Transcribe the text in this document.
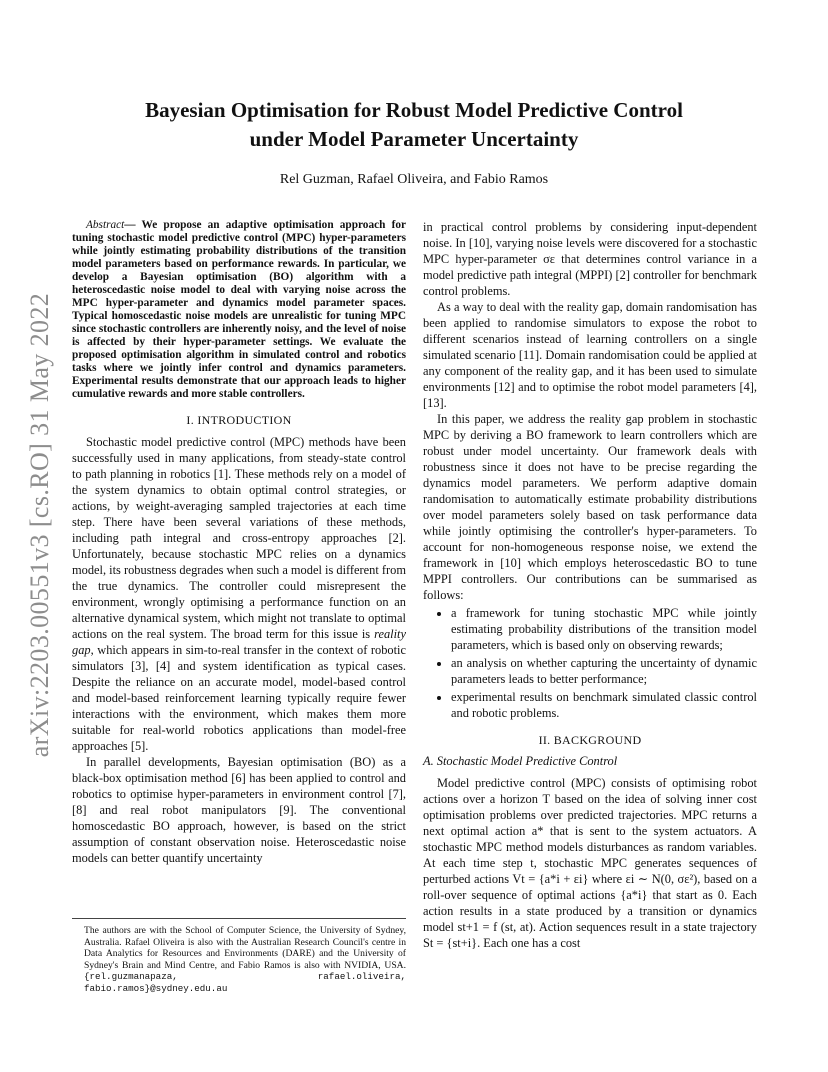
arXiv:2203.00551v3 [cs.RO] 31 May 2022
Bayesian Optimisation for Robust Model Predictive Control
under Model Parameter Uncertainty
Rel Guzman, Rafael Oliveira, and Fabio Ramos

Abstract— We propose an adaptive optimisation approach for tuning stochastic model predictive control (MPC) hyper-parameters while jointly estimating probability distributions of the transition model parameters based on performance rewards. In particular, we develop a Bayesian optimisation (BO) algorithm with a heteroscedastic noise model to deal with varying noise across the MPC hyper-parameter and dynamics model parameter spaces. Typical homoscedastic noise models are unrealistic for tuning MPC since stochastic controllers are inherently noisy, and the level of noise is affected by their hyper-parameter settings. We evaluate the proposed optimisation algorithm in simulated control and robotics tasks where we jointly infer control and dynamics parameters. Experimental results demonstrate that our approach leads to higher cumulative rewards and more stable controllers.

I. INTRODUCTION

Stochastic model predictive control (MPC) methods have been successfully used in many applications, from steady-state control to path planning in robotics [1]. These methods rely on a model of the system dynamics to obtain optimal control strategies, or actions, by weight-averaging sampled trajectories at each time step. There have been several variations of these methods, including path integral and cross-entropy approaches [2]. Unfortunately, because stochastic MPC relies on a dynamics model, its robustness degrades when such a model is different from the true dynamics. The controller could misrepresent the environment, wrongly optimising a performance function on an alternative dynamical system, which might not translate to optimal actions on the real system. The broad term for this issue is reality gap, which appears in sim-to-real transfer in the context of robotic simulators [3], [4] and system identification as typical cases. Despite the reliance on an accurate model, model-based control and model-based reinforcement learning typically require fewer interactions with the environment, which makes them more suitable for real-world robotics applications than model-free approaches [5].

In parallel developments, Bayesian optimisation (BO) as a black-box optimisation method [6] has been applied to control and robotics to optimise hyper-parameters in environment control [7], [8] and real robot manipulators [9]. The conventional homoscedastic BO approach, however, is based on the strict assumption of constant observation noise. Heteroscedastic noise models can better quantify uncertainty

The authors are with the School of Computer Science, the University of Sydney, Australia. Rafael Oliveira is also with the Australian Research Council's centre in Data Analytics for Resources and Environments (DARE) and the University of Sydney's Brain and Mind Centre, and Fabio Ramos is also with NVIDIA, USA. {rel.guzmanapaza, rafael.oliveira, fabio.ramos}@sydney.edu.au

in practical control problems by considering input-dependent noise. In [10], varying noise levels were discovered for a stochastic MPC hyper-parameter σε that determines control variance in a model predictive path integral (MPPI) [2] controller for benchmark control problems.

As a way to deal with the reality gap, domain randomisation has been applied to randomise simulators to expose the robot to different scenarios instead of learning controllers on a single simulated scenario [11]. Domain randomisation could be applied at any component of the reality gap, and it has been used to simulate environments [12] and to optimise the robot model parameters [4], [13].

In this paper, we address the reality gap problem in stochastic MPC by deriving a BO framework to learn controllers which are robust under model uncertainty. Our framework deals with robustness since it does not have to be precise regarding the dynamics model parameters. We perform adaptive domain randomisation to automatically estimate probability distributions over model parameters solely based on task performance data while jointly optimising the controller's hyper-parameters. To account for non-homogeneous response noise, we extend the framework in [10] which employs heteroscedastic BO to tune MPPI controllers. Our contributions can be summarised as follows:

• a framework for tuning stochastic MPC while jointly estimating probability distributions of the transition model parameters, which is based only on observing rewards;
• an analysis on whether capturing the uncertainty of dynamic parameters leads to better performance;
• experimental results on benchmark simulated classic control and robotic problems.
II. BACKGROUND
A. Stochastic Model Predictive Control

Model predictive control (MPC) consists of optimising robot actions over a horizon T based on the idea of solving inner cost optimisation problems over predicted trajectories. MPC returns a next optimal action a* that is sent to the system actuators. A stochastic MPC method models disturbances as random variables. At each time step t, stochastic MPC generates sequences of perturbed actions Vt = {a*i + εi} where εi ∼ N(0, σε²), based on a roll-over sequence of optimal actions {a*i} that start as 0. Each action results in a state produced by a transition or dynamics model st+1 = f (st, at). Action sequences result in a state trajectory St = {st+i}. Each one has a cost
